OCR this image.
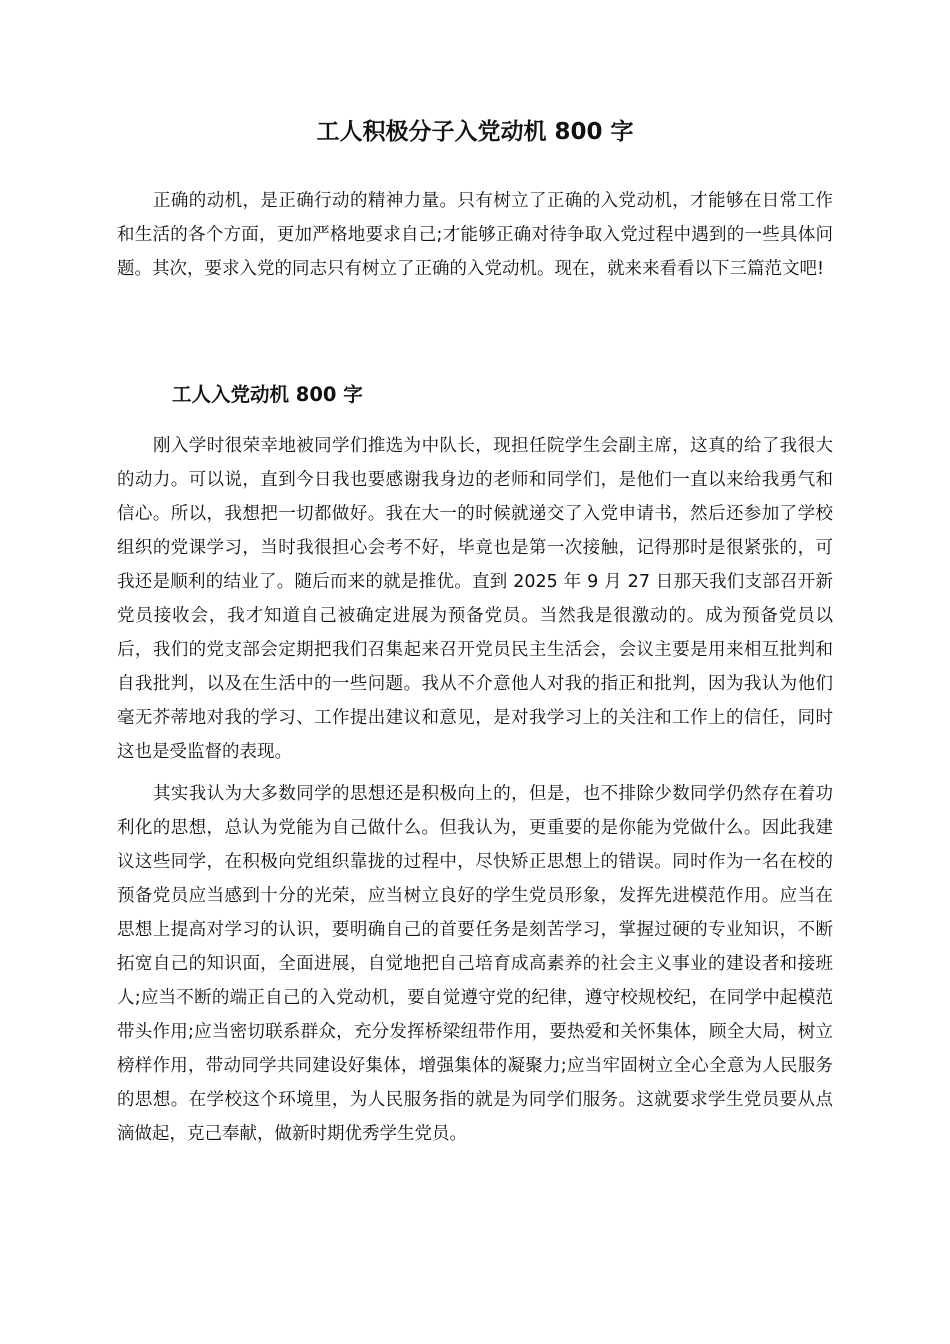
工人积极分子入党动机 800 字

正确的动机，是正确行动的精神力量。只有树立了正确的入党动机，才能够在日常工作和生活的各个方面，更加严格地要求自己;才能够正确对待争取入党过程中遇到的一些具体问题。其次，要求入党的同志只有树立了正确的入党动机。现在，就来来看看以下三篇范文吧!

工人入党动机 800 字

刚入学时很荣幸地被同学们推选为中队长，现担任院学生会副主席，这真的给了我很大的动力。可以说，直到今日我也要感谢我身边的老师和同学们，是他们一直以来给我勇气和信心。所以，我想把一切都做好。我在大一的时候就递交了入党申请书，然后还参加了学校组织的党课学习，当时我很担心会考不好，毕竟也是第一次接触，记得那时是很紧张的，可我还是顺利的结业了。随后而来的就是推优。直到 2025 年 9 月 27 日那天我们支部召开新党员接收会，我才知道自己被确定进展为预备党员。当然我是很激动的。成为预备党员以后，我们的党支部会定期把我们召集起来召开党员民主生活会，会议主要是用来相互批判和自我批判，以及在生活中的一些问题。我从不介意他人对我的指正和批判，因为我认为他们毫无芥蒂地对我的学习、工作提出建议和意见，是对我学习上的关注和工作上的信任，同时这也是受监督的表现。

其实我认为大多数同学的思想还是积极向上的，但是，也不排除少数同学仍然存在着功利化的思想，总认为党能为自己做什么。但我认为，更重要的是你能为党做什么。因此我建议这些同学，在积极向党组织靠拢的过程中，尽快矫正思想上的错误。同时作为一名在校的预备党员应当感到十分的光荣，应当树立良好的学生党员形象，发挥先进模范作用。应当在思想上提高对学习的认识，要明确自己的首要任务是刻苦学习，掌握过硬的专业知识，不断拓宽自己的知识面，全面进展，自觉地把自己培育成高素养的社会主义事业的建设者和接班人;应当不断的端正自己的入党动机，要自觉遵守党的纪律，遵守校规校纪，在同学中起模范带头作用;应当密切联系群众，充分发挥桥梁纽带作用，要热爱和关怀集体，顾全大局，树立榜样作用，带动同学共同建设好集体，增强集体的凝聚力;应当牢固树立全心全意为人民服务的思想。在学校这个环境里，为人民服务指的就是为同学们服务。这就要求学生党员要从点滴做起，克己奉献，做新时期优秀学生党员。
